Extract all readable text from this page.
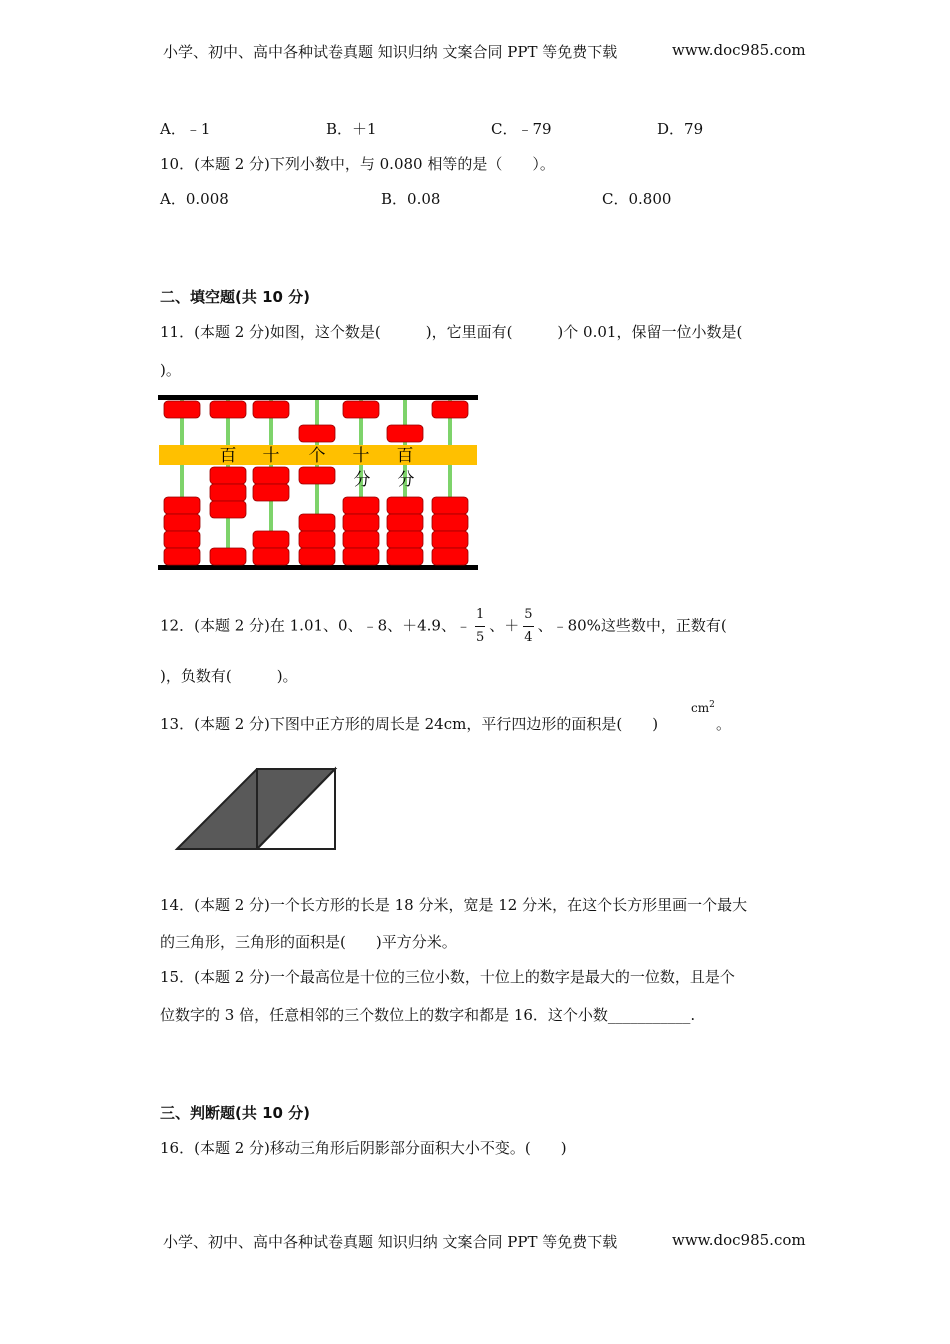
小学、初中、高中各种试卷真题 知识归纳 文案合同 PPT 等免费下载	www.doc985.com
A．﹣1	B．＋1	C．﹣79	D．79
10．(本题 2 分)下列小数中，与 0.080 相等的是（　　）。
A．0.008	B．0.08	C．0.800
二、填空题(共 10 分)
11．(本题 2 分)如图，这个数是(　　　)，它里面有(　　　)个 0.01，保留一位小数是(
)。
百 十 个 十
分
百
分
12．(本题 2 分)在 1.01、0、﹣8、＋4.9、﹣ $\frac{1}{5}$ 、＋ $\frac{5}{4}$ 、﹣80%这些数中，正数有(
)，负数有(　　　)。
13．(本题 2 分)下图中正方形的周长是 24cm，平行四边形的面积是(　　)
$cm^2$
。
14．(本题 2 分)一个长方形的长是 18 分米，宽是 12 分米，在这个长方形里画一个最大
的三角形，三角形的面积是(　　)平方分米。
15．(本题 2 分)一个最高位是十位的三位小数，十位上的数字是最大的一位数，且是个
位数字的 3 倍，任意相邻的三个数位上的数字和都是 16．这个小数___________.
三、判断题(共 10 分)
16．(本题 2 分)移动三角形后阴影部分面积大小不变。(　　)
小学、初中、高中各种试卷真题 知识归纳 文案合同 PPT 等免费下载	www.doc985.com
